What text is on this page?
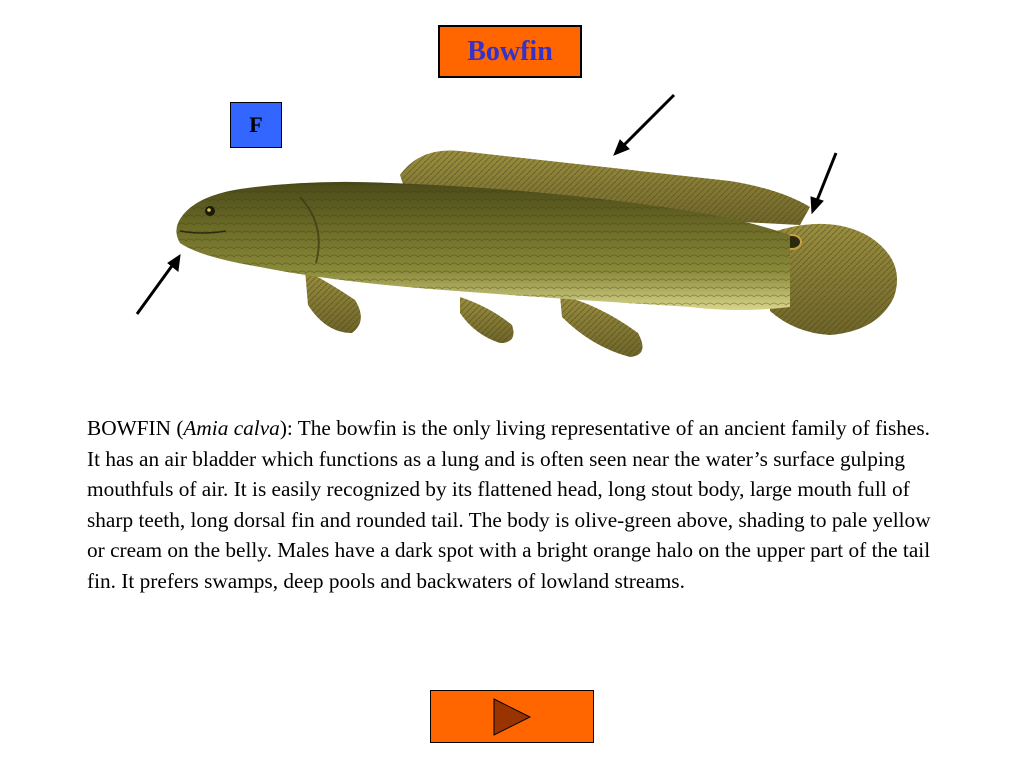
Bowfin
F

BOWFIN (Amia calva): The bowfin is the only living representative of an ancient family of fishes. It has an air bladder which functions as a lung and is often seen near the water’s surface gulping mouthfuls of air. It is easily recognized by its flattened head, long stout body, large mouth full of sharp teeth, long dorsal fin and rounded tail. The body is olive-green above, shading to pale yellow or cream on the belly. Males have a dark spot with a bright orange halo on the upper part of the tail fin. It prefers swamps, deep pools and backwaters of lowland streams.
